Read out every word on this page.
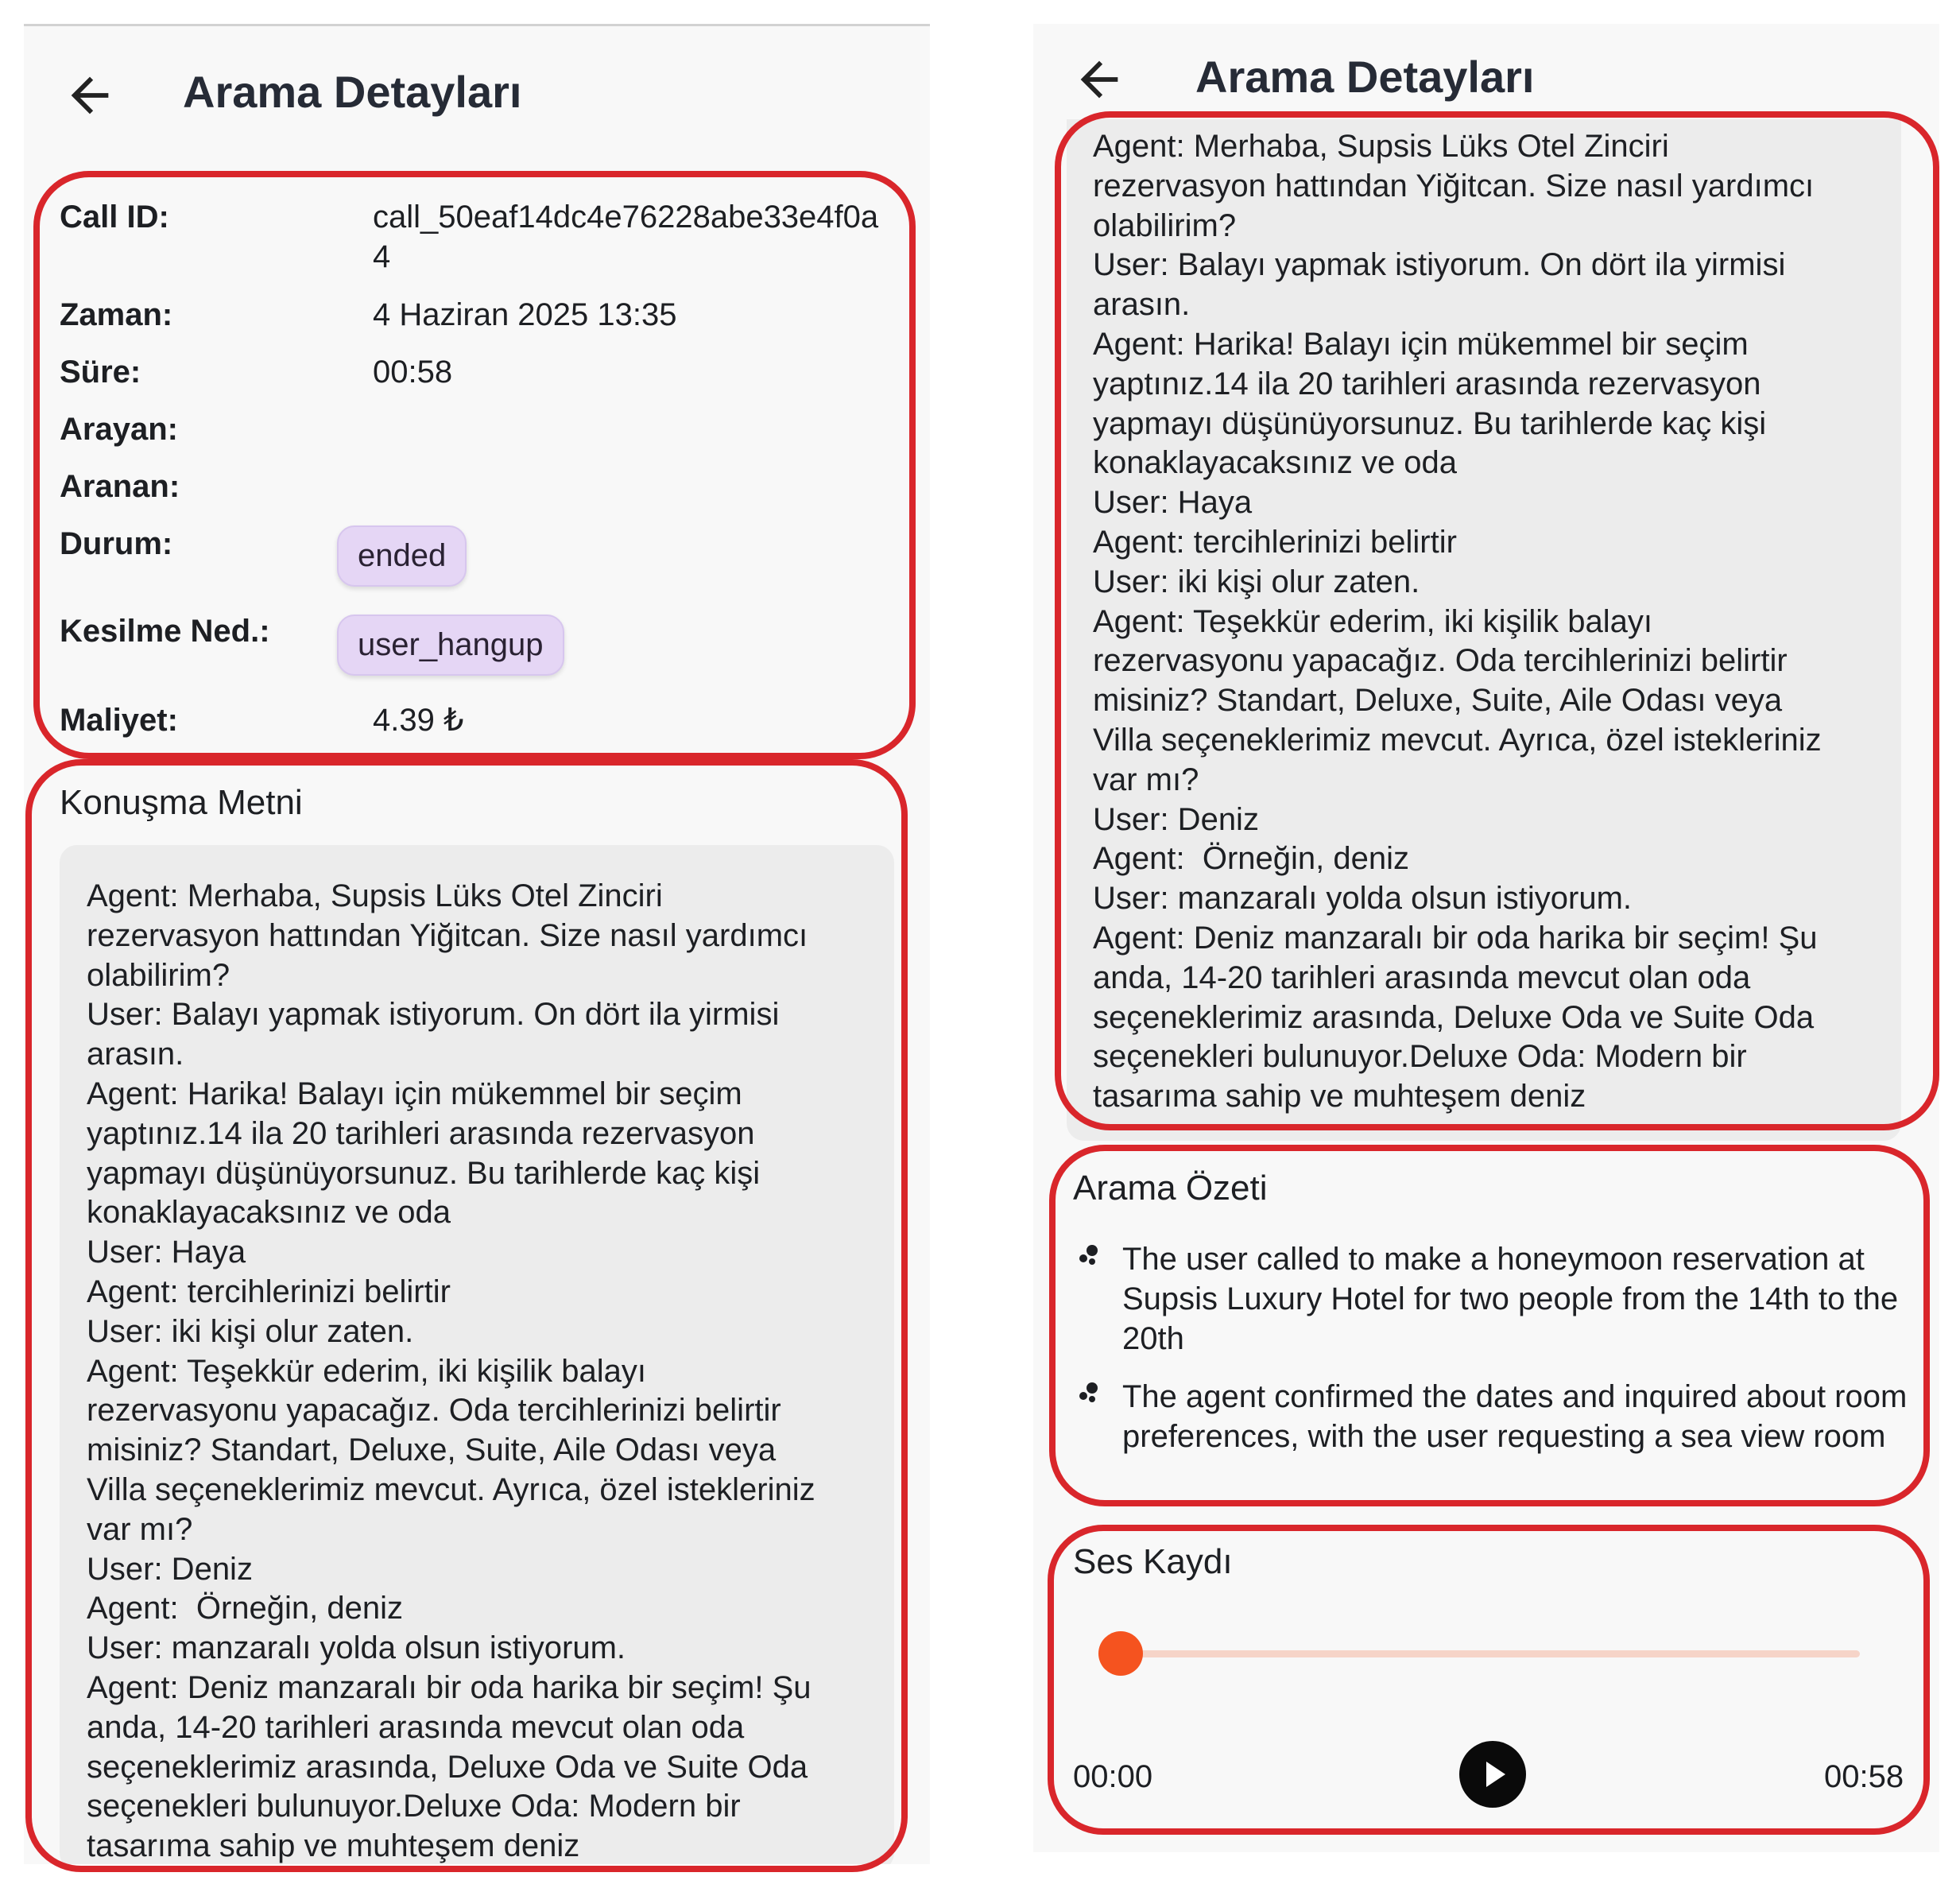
Arama Detayları
Call ID:	call_50eaf14dc4e76228abe33e4f0a4
Zaman:	4 Haziran 2025 13:35
Süre:	00:58
Arayan:
Aranan:
Durum:	ended
Kesilme Ned.:	user_hangup
Maliyet:	4.39 ₺
Konuşma Metni
Agent: Merhaba, Supsis Lüks Otel Zinciri
rezervasyon hattından Yiğitcan. Size nasıl yardımcı
olabilirim?
User: Balayı yapmak istiyorum. On dört ila yirmisi
arasın.
Agent: Harika! Balayı için mükemmel bir seçim
yaptınız.14 ila 20 tarihleri arasında rezervasyon
yapmayı düşünüyorsunuz. Bu tarihlerde kaç kişi
konaklayacaksınız ve oda
User: Haya
Agent: tercihlerinizi belirtir
User: iki kişi olur zaten.
Agent: Teşekkür ederim, iki kişilik balayı
rezervasyonu yapacağız. Oda tercihlerinizi belirtir
misiniz? Standart, Deluxe, Suite, Aile Odası veya
Villa seçeneklerimiz mevcut. Ayrıca, özel istekleriniz
var mı?
User: Deniz
Agent:  Örneğin, deniz
User: manzaralı yolda olsun istiyorum.
Agent: Deniz manzaralı bir oda harika bir seçim! Şu
anda, 14-20 tarihleri arasında mevcut olan oda
seçeneklerimiz arasında, Deluxe Oda ve Suite Oda
seçenekleri bulunuyor.Deluxe Oda: Modern bir
tasarıma sahip ve muhteşem deniz
Agent: Merhaba, Supsis Lüks Otel Zinciri
rezervasyon hattından Yiğitcan. Size nasıl yardımcı
olabilirim?
User: Balayı yapmak istiyorum. On dört ila yirmisi
arasın.
Agent: Harika! Balayı için mükemmel bir seçim
yaptınız.14 ila 20 tarihleri arasında rezervasyon
yapmayı düşünüyorsunuz. Bu tarihlerde kaç kişi
konaklayacaksınız ve oda
User: Haya
Agent: tercihlerinizi belirtir
User: iki kişi olur zaten.
Agent: Teşekkür ederim, iki kişilik balayı
rezervasyonu yapacağız. Oda tercihlerinizi belirtir
misiniz? Standart, Deluxe, Suite, Aile Odası veya
Villa seçeneklerimiz mevcut. Ayrıca, özel istekleriniz
var mı?
User: Deniz
Agent:  Örneğin, deniz
User: manzaralı yolda olsun istiyorum.
Agent: Deniz manzaralı bir oda harika bir seçim! Şu
anda, 14-20 tarihleri arasında mevcut olan oda
seçeneklerimiz arasında, Deluxe Oda ve Suite Oda
seçenekleri bulunuyor.Deluxe Oda: Modern bir
tasarıma sahip ve muhteşem deniz
Arama Detayları
Arama Özeti
The user called to make a honeymoon reservation at Supsis Luxury Hotel for two people from the 14th to the 20th
The agent confirmed the dates and inquired about room preferences, with the user requesting a sea view room
Ses Kaydı
00:00	00:58
